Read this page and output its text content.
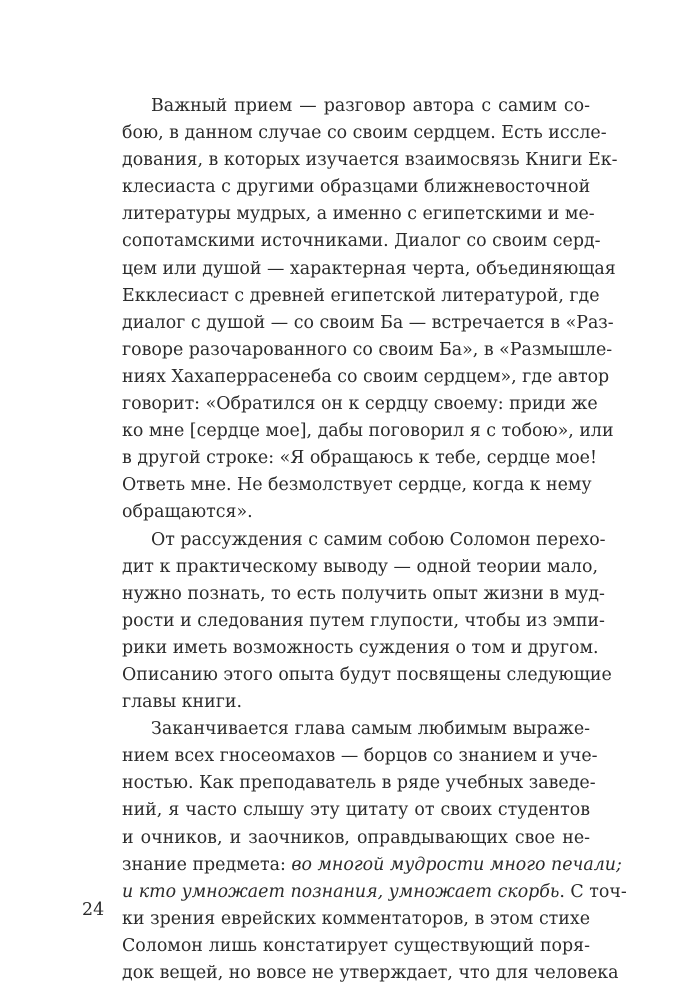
Важный прием — разговор автора с самим со-
бою, в данном случае со своим сердцем. Есть иссле-
дования, в которых изучается взаимосвязь Книги Ек-
клесиаста с другими образцами ближневосточной
литературы мудрых, а именно с египетскими и ме-
сопотамскими источниками. Диалог со своим серд-
цем или душой — характерная черта, объединяющая
Екклесиаст с древней египетской литературой, где
диалог с душой — со своим Ба — встречается в «Раз-
говоре разочарованного со своим Ба», в «Размышле-
ниях Хахаперрасенеба со своим сердцем», где автор
говорит: «Обратился он к сердцу своему: приди же
ко мне [сердце мое], дабы поговорил я с тобою», или
в другой строке: «Я обращаюсь к тебе, сердце мое!
Ответь мне. Не безмолствует сердце, когда к нему
обращаются».
От рассуждения с самим собою Соломон перехо-
дит к практическому выводу — одной теории мало,
нужно познать, то есть получить опыт жизни в муд-
рости и следования путем глупости, чтобы из эмпи-
рики иметь возможность суждения о том и другом.
Описанию этого опыта будут посвящены следующие
главы книги.
Заканчивается глава самым любимым выраже-
нием всех гносеомахов — борцов со знанием и уче-
ностью. Как преподаватель в ряде учебных заведе-
ний, я часто слышу эту цитату от своих студентов
и очников, и заочников, оправдывающих свое не-
знание предмета: во многой мудрости много печали;
и кто умножает познания, умножает скорбь. С точ-
ки зрения еврейских комментаторов, в этом стихе
Соломон лишь констатирует существующий поря-
док вещей, но вовсе не утверждает, что для человека
24
